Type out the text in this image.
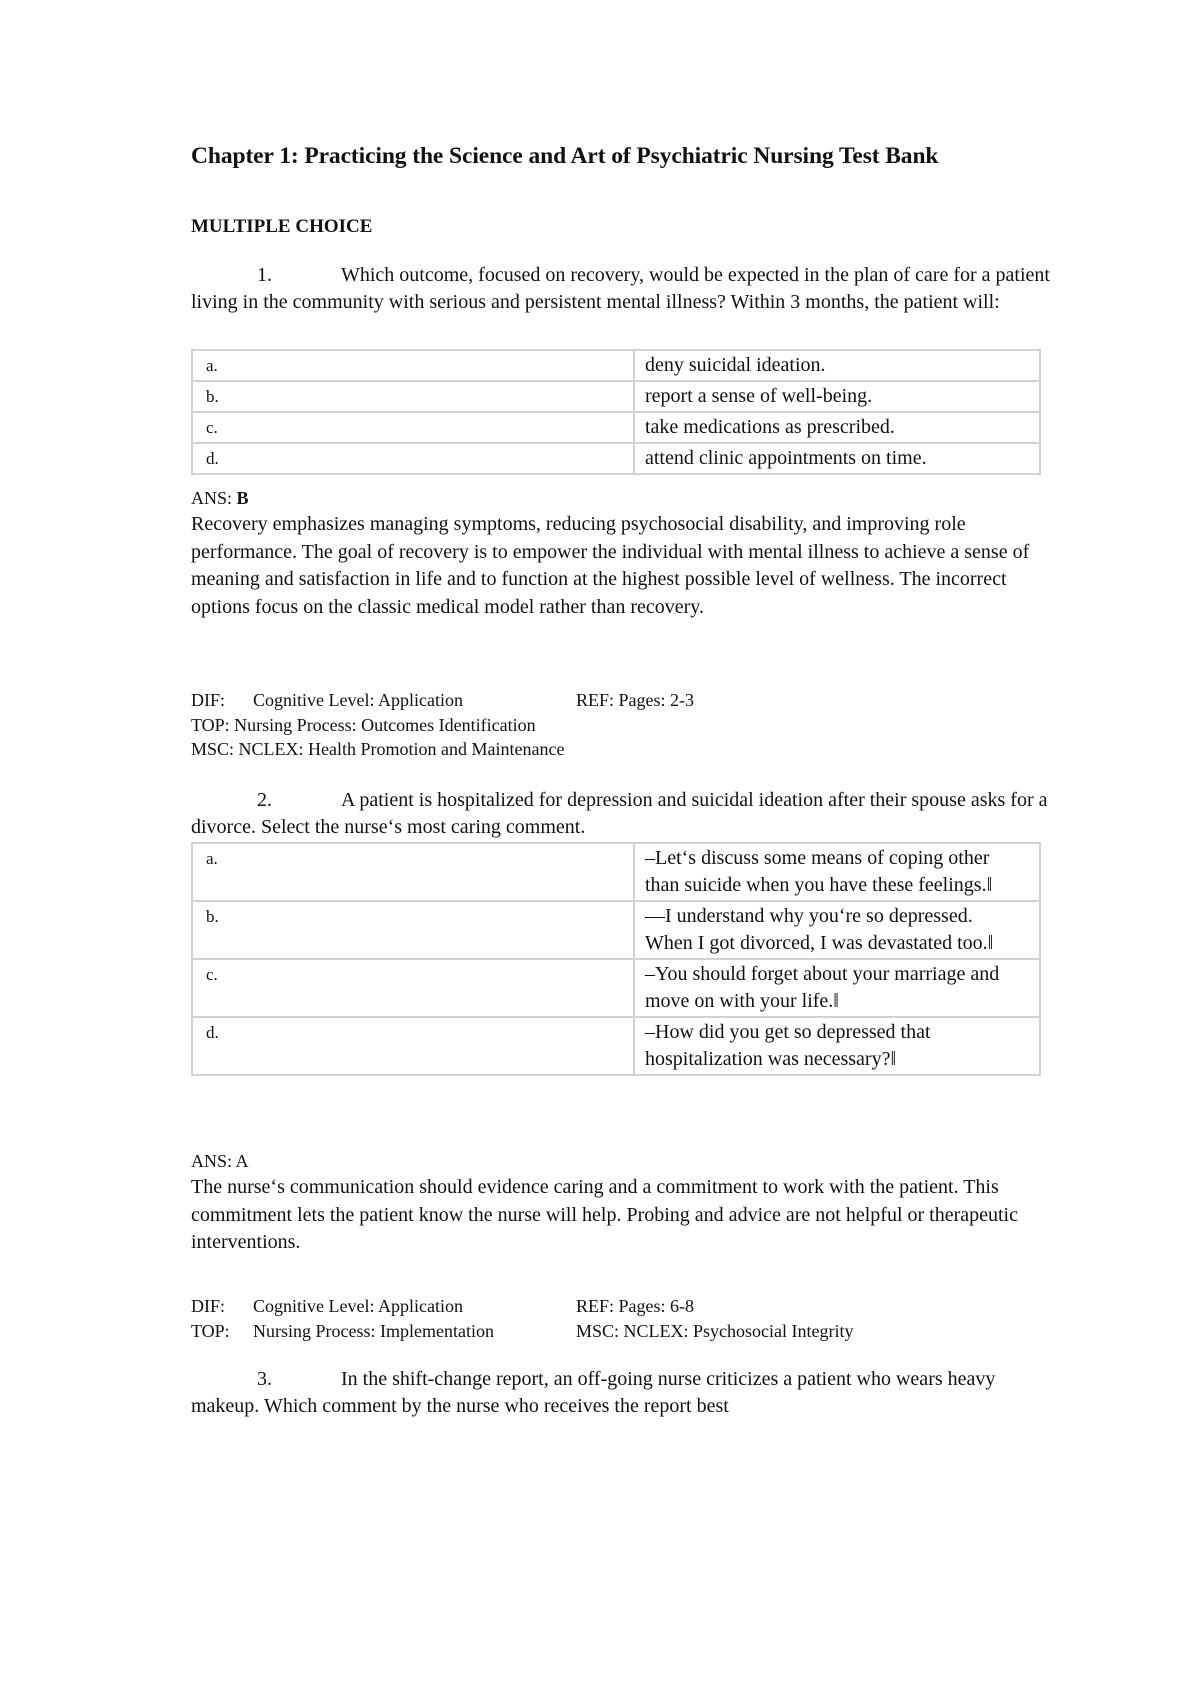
Chapter 1: Practicing the Science and Art of Psychiatric Nursing Test Bank
MULTIPLE CHOICE
1.	Which outcome, focused on recovery, would be expected in the plan of care for a patient living in the community with serious and persistent mental illness? Within 3 months, the patient will:
a.	deny suicidal ideation.
b.	report a sense of well-being.
c.	take medications as prescribed.
d.	attend clinic appointments on time.
ANS: B
Recovery emphasizes managing symptoms, reducing psychosocial disability, and improving role performance. The goal of recovery is to empower the individual with mental illness to achieve a sense of meaning and satisfaction in life and to function at the highest possible level of wellness. The incorrect options focus on the classic medical model rather than recovery.
DIF: Cognitive Level: Application	REF: Pages: 2-3
TOP: Nursing Process: Outcomes Identification
MSC: NCLEX: Health Promotion and Maintenance
2.	A patient is hospitalized for depression and suicidal ideation after their spouse asks for a divorce. Select the nurse‘s most caring comment.
a.	–Let‘s discuss some means of coping other than suicide when you have these feelings.‖
b.	―I understand why you‘re so depressed. When I got divorced, I was devastated too.‖
c.	–You should forget about your marriage and move on with your life.‖
d.	–How did you get so depressed that hospitalization was necessary?‖
ANS: A
The nurse‘s communication should evidence caring and a commitment to work with the patient. This commitment lets the patient know the nurse will help. Probing and advice are not helpful or therapeutic interventions.
DIF: Cognitive Level: Application	REF: Pages: 6-8
TOP: Nursing Process: Implementation	MSC: NCLEX: Psychosocial Integrity
3.	In the shift-change report, an off-going nurse criticizes a patient who wears heavy makeup. Which comment by the nurse who receives the report best
